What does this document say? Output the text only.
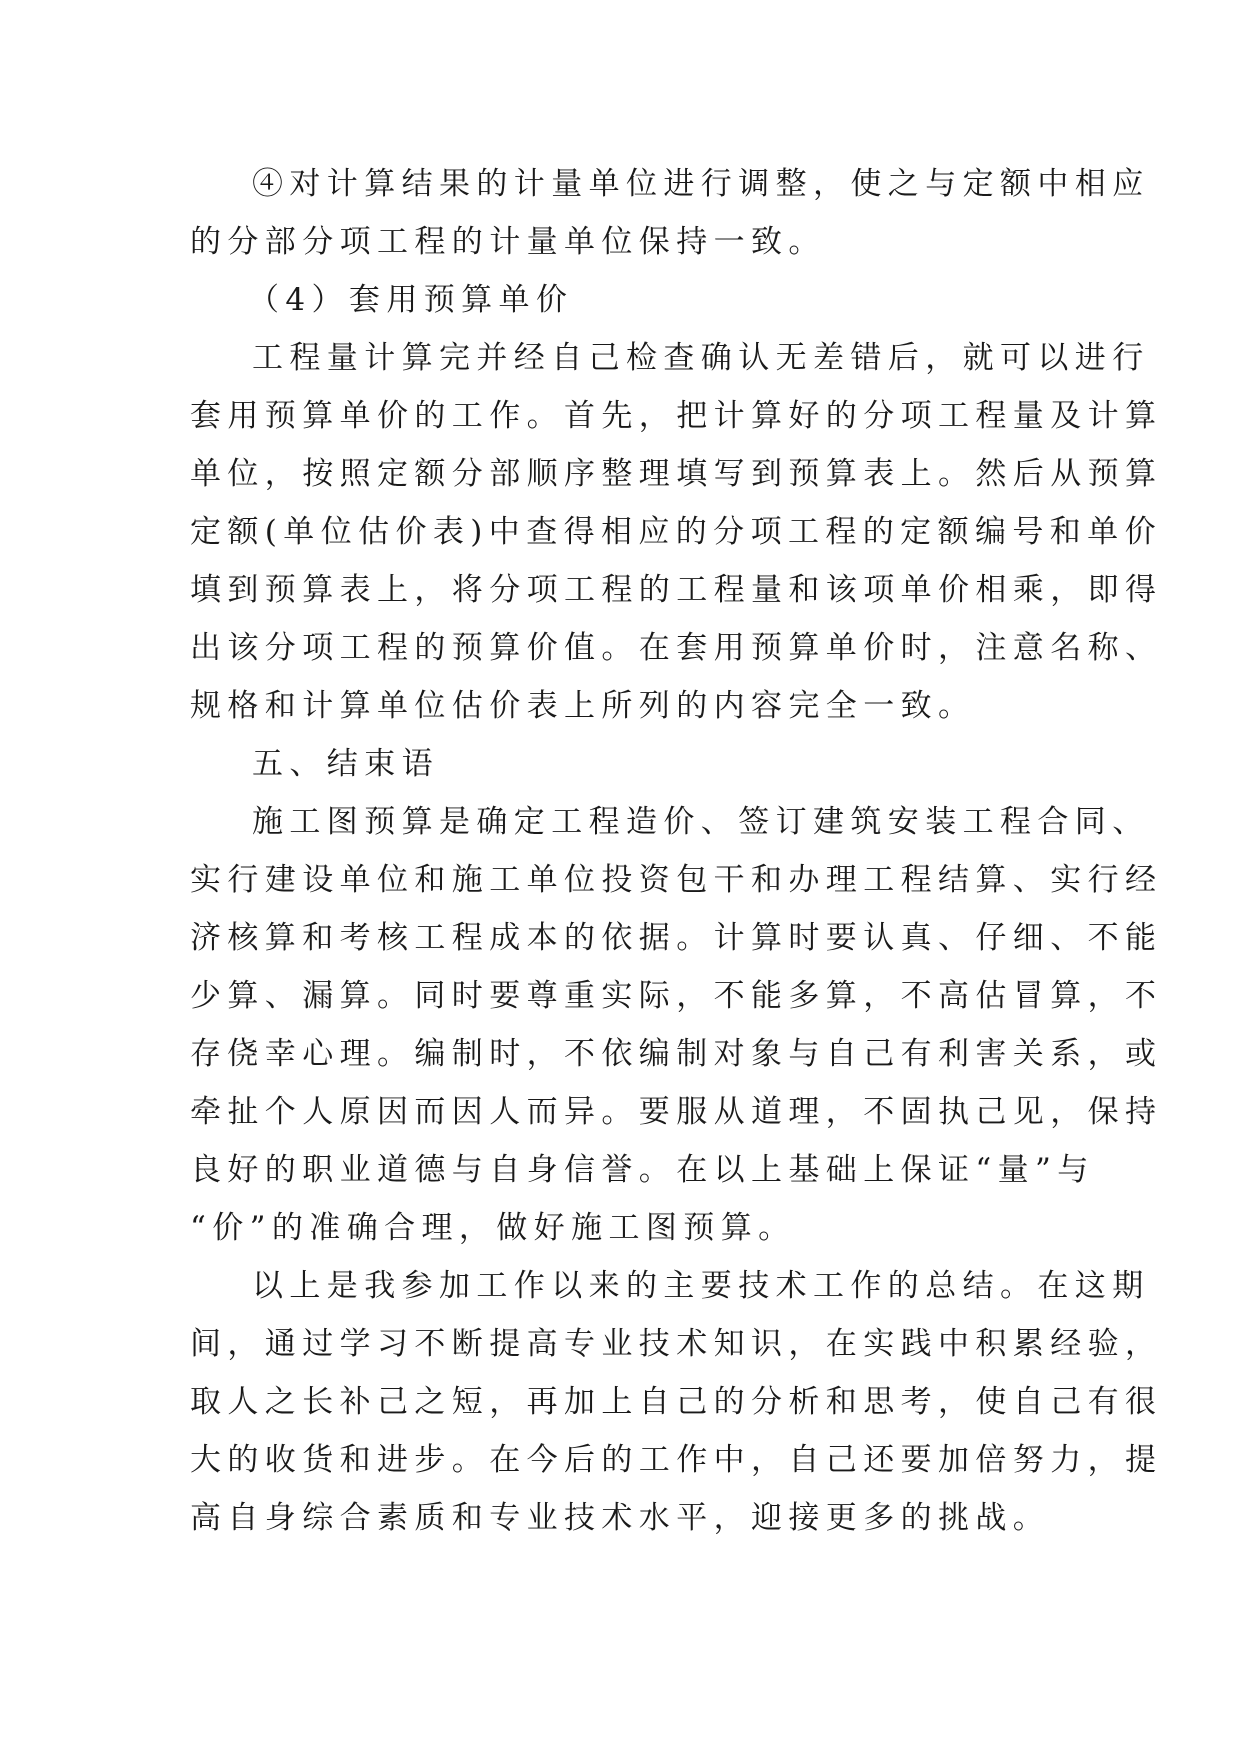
④对计算结果的计量单位进行调整，使之与定额中相应
的分部分项工程的计量单位保持一致。
（4）套用预算单价
工程量计算完并经自己检查确认无差错后，就可以进行
套用预算单价的工作。首先，把计算好的分项工程量及计算
单位，按照定额分部顺序整理填写到预算表上。然后从预算
定额(单位估价表)中查得相应的分项工程的定额编号和单价
填到预算表上，将分项工程的工程量和该项单价相乘，即得
出该分项工程的预算价值。在套用预算单价时，注意名称、
规格和计算单位估价表上所列的内容完全一致。
五、结束语
施工图预算是确定工程造价、签订建筑安装工程合同、
实行建设单位和施工单位投资包干和办理工程结算、实行经
济核算和考核工程成本的依据。计算时要认真、仔细、不能
少算、漏算。同时要尊重实际，不能多算，不高估冒算，不
存侥幸心理。编制时，不依编制对象与自己有利害关系，或
牵扯个人原因而因人而异。要服从道理，不固执己见，保持
良好的职业道德与自身信誉。在以上基础上保证“量”与
“价”的准确合理，做好施工图预算。
以上是我参加工作以来的主要技术工作的总结。在这期
间，通过学习不断提高专业技术知识，在实践中积累经验，
取人之长补己之短，再加上自己的分析和思考，使自己有很
大的收货和进步。在今后的工作中，自己还要加倍努力，提
高自身综合素质和专业技术水平，迎接更多的挑战。
